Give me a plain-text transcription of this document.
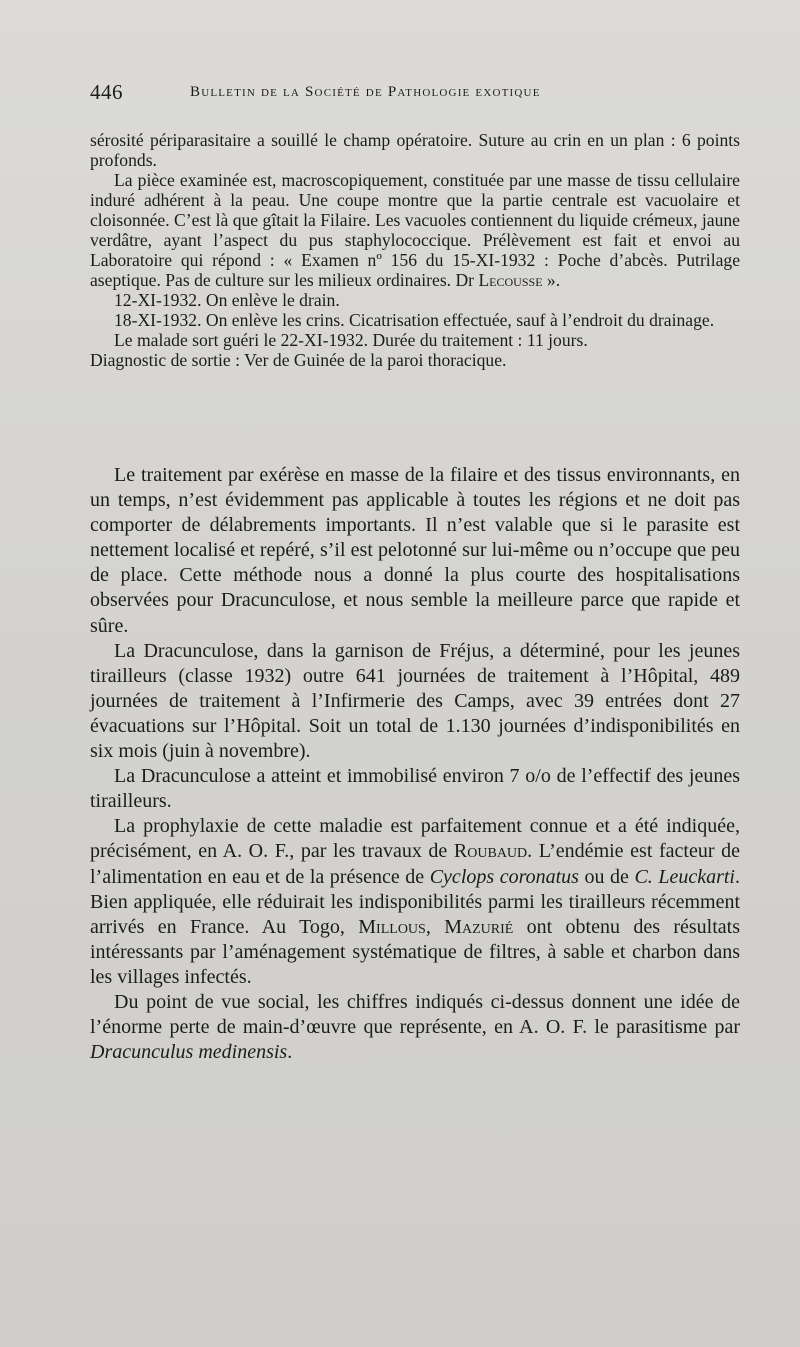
446	Bulletin de la Société de Pathologie exotique

sérosité périparasitaire a souillé le champ opératoire. Suture au crin en un plan : 6 points profonds.

La pièce examinée est, macroscopiquement, constituée par une masse de tissu cellulaire induré adhérent à la peau. Une coupe montre que la partie centrale est vacuolaire et cloisonnée. C’est là que gîtait la Filaire. Les vacuoles contiennent du liquide crémeux, jaune verdâtre, ayant l’aspect du pus staphylococcique. Prélèvement est fait et envoi au Laboratoire qui répond : « Examen nº 156 du 15-XI-1932 : Poche d’abcès. Putrilage aseptique. Pas de culture sur les milieux ordinaires. Dr Lecousse ».

12-XI-1932. On enlève le drain.

18-XI-1932. On enlève les crins. Cicatrisation effectuée, sauf à l’endroit du drainage.

Le malade sort guéri le 22-XI-1932. Durée du traitement : 11 jours.

Diagnostic de sortie : Ver de Guinée de la paroi thoracique.

Le traitement par exérèse en masse de la filaire et des tissus environnants, en un temps, n’est évidemment pas applicable à toutes les régions et ne doit pas comporter de délabrements importants. Il n’est valable que si le parasite est nettement localisé et repéré, s’il est pelotonné sur lui-même ou n’occupe que peu de place. Cette méthode nous a donné la plus courte des hospitalisations observées pour Dracunculose, et nous semble la meilleure parce que rapide et sûre.

La Dracunculose, dans la garnison de Fréjus, a déterminé, pour les jeunes tirailleurs (classe 1932) outre 641 journées de traitement à l’Hôpital, 489 journées de traitement à l’Infirmerie des Camps, avec 39 entrées dont 27 évacuations sur l’Hôpital. Soit un total de 1.130 journées d’indisponibilités en six mois (juin à novembre).

La Dracunculose a atteint et immobilisé environ 7 o/o de l’effectif des jeunes tirailleurs.

La prophylaxie de cette maladie est parfaitement connue et a été indiquée, précisément, en A. O. F., par les travaux de Roubaud. L’endémie est facteur de l’alimentation en eau et de la présence de Cyclops coronatus ou de C. Leuckarti. Bien appliquée, elle réduirait les indisponibilités parmi les tirailleurs récemment arrivés en France. Au Togo, Millous, Mazurié ont obtenu des résultats intéressants par l’aménagement systématique de filtres, à sable et charbon dans les villages infectés.

Du point de vue social, les chiffres indiqués ci-dessus donnent une idée de l’énorme perte de main-d’œuvre que représente, en A. O. F. le parasitisme par Dracunculus medinensis.
